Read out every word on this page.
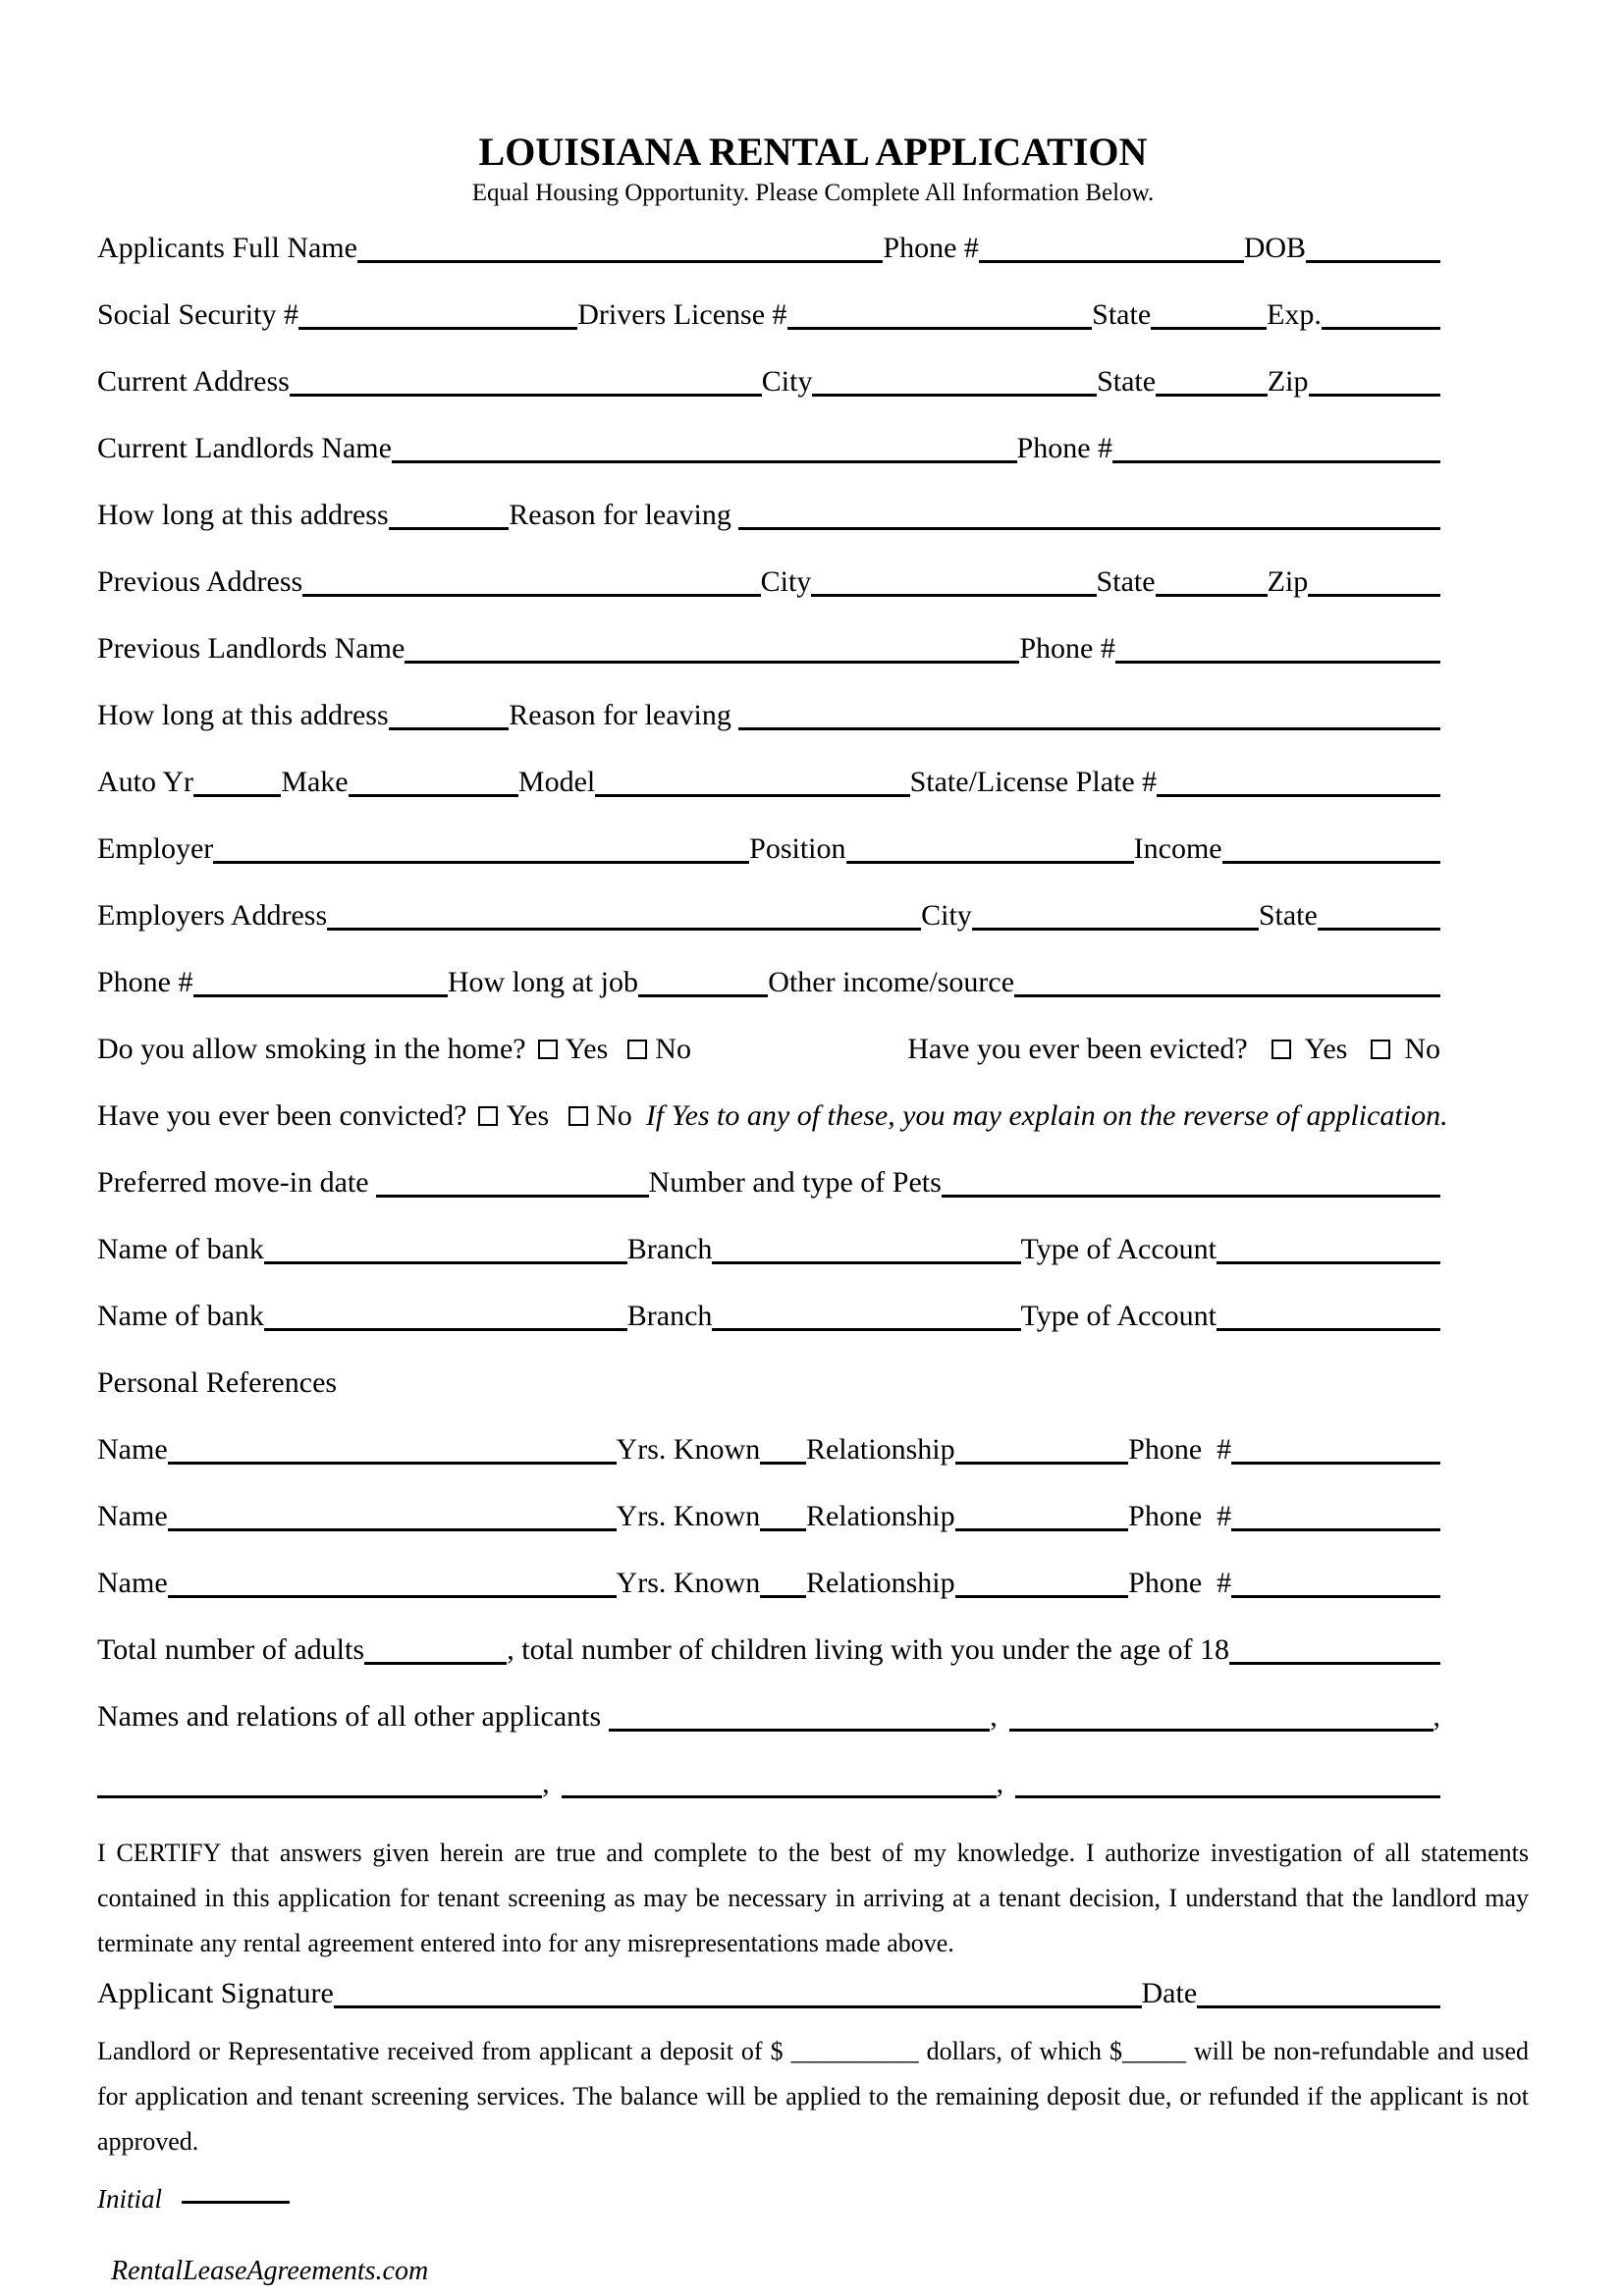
LOUISIANA RENTAL APPLICATION
Equal Housing Opportunity. Please Complete All Information Below.
Applicants Full Name	Phone #	DOB
Social Security #	Drivers License #	State	Exp.
Current Address	City	State	Zip
Current Landlords Name	Phone #
How long at this address	Reason for leaving
Previous Address	City	State	Zip
Previous Landlords Name	Phone #
How long at this address	Reason for leaving
Auto Yr	Make	Model	State/License Plate #
Employer	Position	Income
Employers Address	City	State
Phone #	How long at job	Other income/source
Do you allow smoking in the home? Yes No	Have you ever been evicted? Yes No
Have you ever been convicted? Yes No If Yes to any of these, you may explain on the reverse of application.
Preferred move-in date	Number and type of Pets
Name of bank	Branch	Type of Account
Name of bank	Branch	Type of Account
Personal References
Name	Yrs. Known Relationship	Phone  #
Name	Yrs. Known Relationship	Phone  #
Name	Yrs. Known Relationship	Phone  #
Total number of adults	, total number of children living with you under the age of 18
Names and relations of all other applicants	,	,
,	,
I CERTIFY that answers given herein are true and complete to the best of my knowledge. I authorize investigation of all statements contained in this application for tenant screening as may be necessary in arriving at a tenant decision, I understand that the landlord may terminate any rental agreement entered into for any misrepresentations made above.
Applicant Signature	Date
Landlord or Representative received from applicant a deposit of $ __________ dollars, of which $_____ will be non-refundable and used for application and tenant screening services. The balance will be applied to the remaining deposit due, or refunded if the applicant is not approved.
Initial
RentalLeaseAgreements.com
